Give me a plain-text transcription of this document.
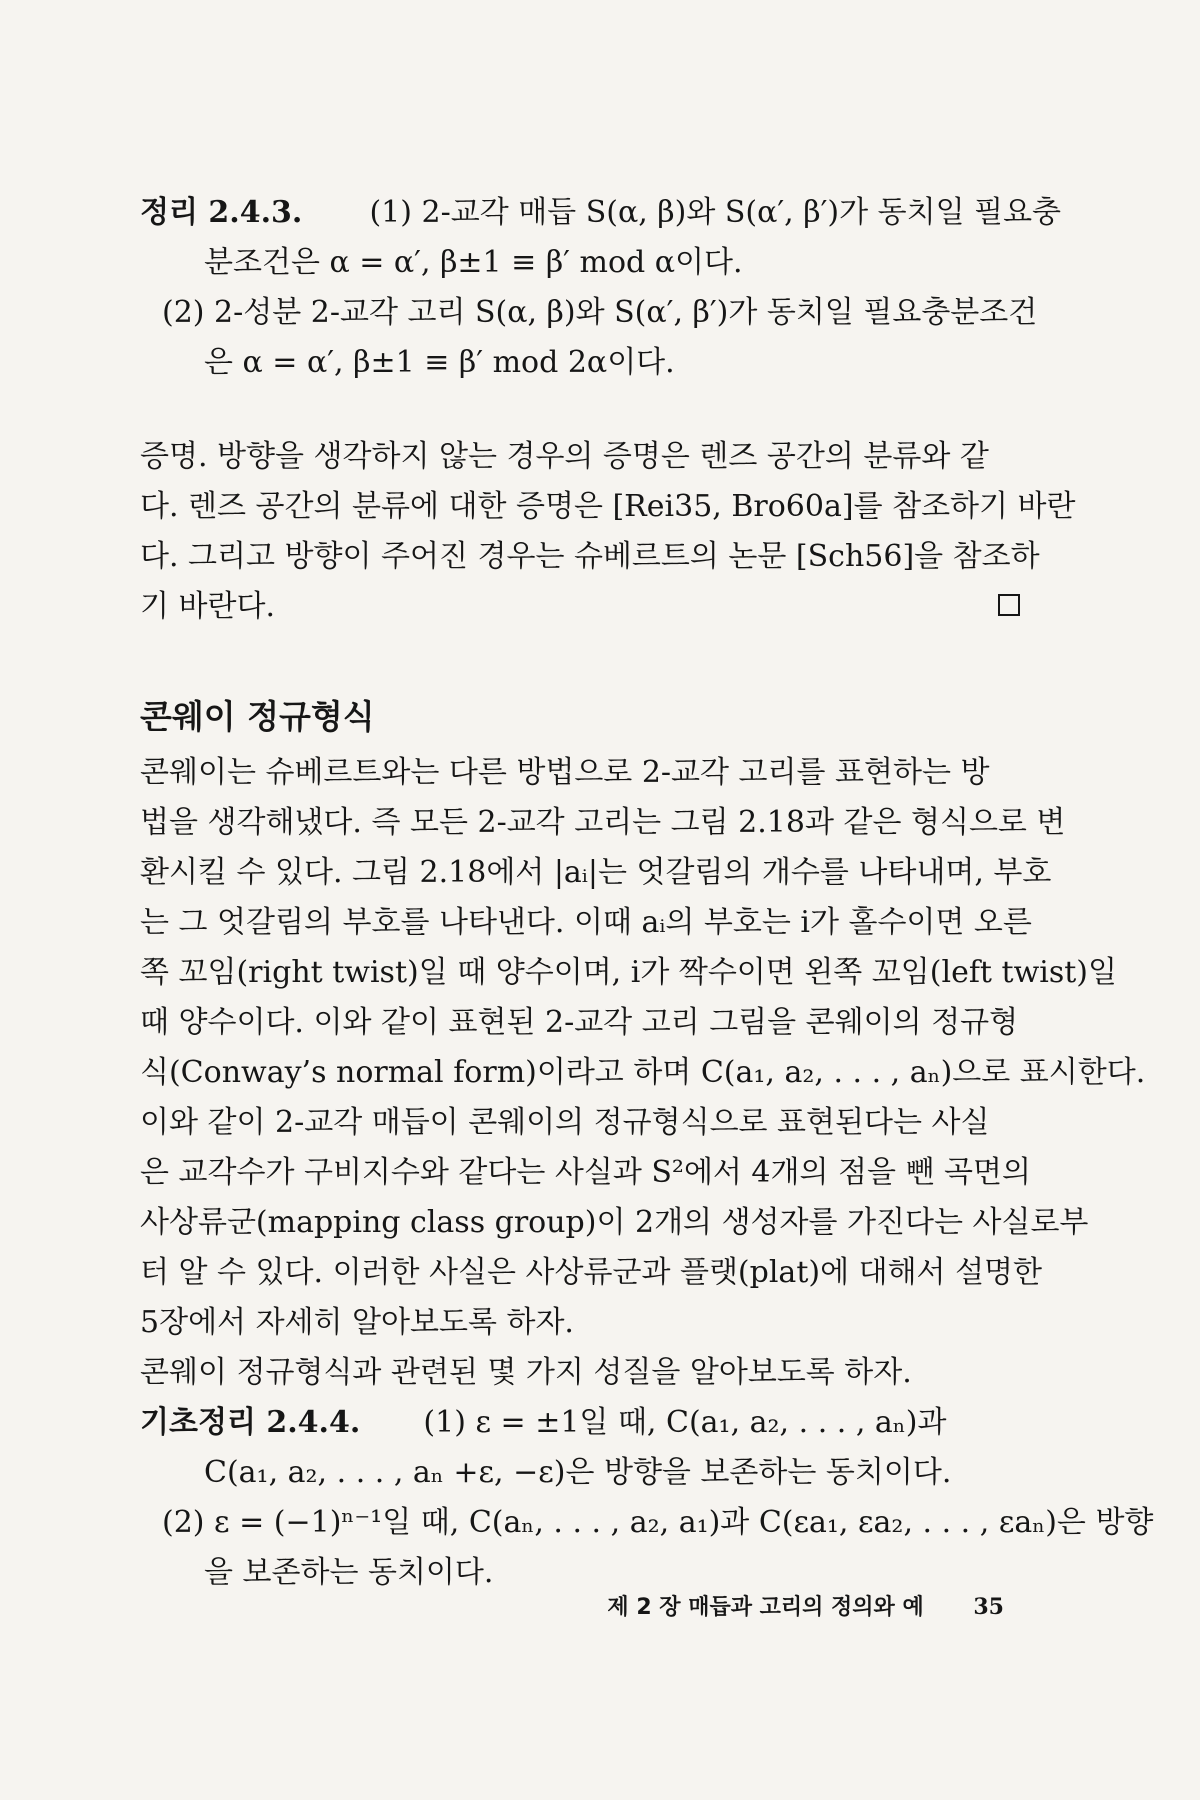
정리 2.4.3. (1) 2-교각 매듭 S(α, β)와 S(α′, β′)가 동치일 필요충
분조건은 α = α′, β±1 ≡ β′ mod α이다.
(2) 2-성분 2-교각 고리 S(α, β)와 S(α′, β′)가 동치일 필요충분조건
은 α = α′, β±1 ≡ β′ mod 2α이다.
증명. 방향을 생각하지 않는 경우의 증명은 렌즈 공간의 분류와 같
다. 렌즈 공간의 분류에 대한 증명은 [Rei35, Bro60a]를 참조하기 바란
다. 그리고 방향이 주어진 경우는 슈베르트의 논문 [Sch56]을 참조하
기 바란다.
콘웨이 정규형식
콘웨이는 슈베르트와는 다른 방법으로 2-교각 고리를 표현하는 방
법을 생각해냈다. 즉 모든 2-교각 고리는 그림 2.18과 같은 형식으로 변
환시킬 수 있다. 그림 2.18에서 |aᵢ|는 엇갈림의 개수를 나타내며, 부호
는 그 엇갈림의 부호를 나타낸다. 이때 aᵢ의 부호는 i가 홀수이면 오른
쪽 꼬임(right twist)일 때 양수이며, i가 짝수이면 왼쪽 꼬임(left twist)일
때 양수이다. 이와 같이 표현된 2-교각 고리 그림을 콘웨이의 정규형
식(Conway’s normal form)이라고 하며 C(a₁, a₂, . . . , aₙ)으로 표시한다.
이와 같이 2-교각 매듭이 콘웨이의 정규형식으로 표현된다는 사실
은 교각수가 구비지수와 같다는 사실과 S²에서 4개의 점을 뺀 곡면의
사상류군(mapping class group)이 2개의 생성자를 가진다는 사실로부
터 알 수 있다. 이러한 사실은 사상류군과 플랫(plat)에 대해서 설명한
5장에서 자세히 알아보도록 하자.
콘웨이 정규형식과 관련된 몇 가지 성질을 알아보도록 하자.
기초정리 2.4.4. (1) ε = ±1일 때, C(a₁, a₂, . . . , aₙ)과
C(a₁, a₂, . . . , aₙ +ε, −ε)은 방향을 보존하는 동치이다.
(2) ε = (−1)ⁿ⁻¹일 때, C(aₙ, . . . , a₂, a₁)과 C(εa₁, εa₂, . . . , εaₙ)은 방향
을 보존하는 동치이다.
제 2 장 매듭과 고리의 정의와 예 35
